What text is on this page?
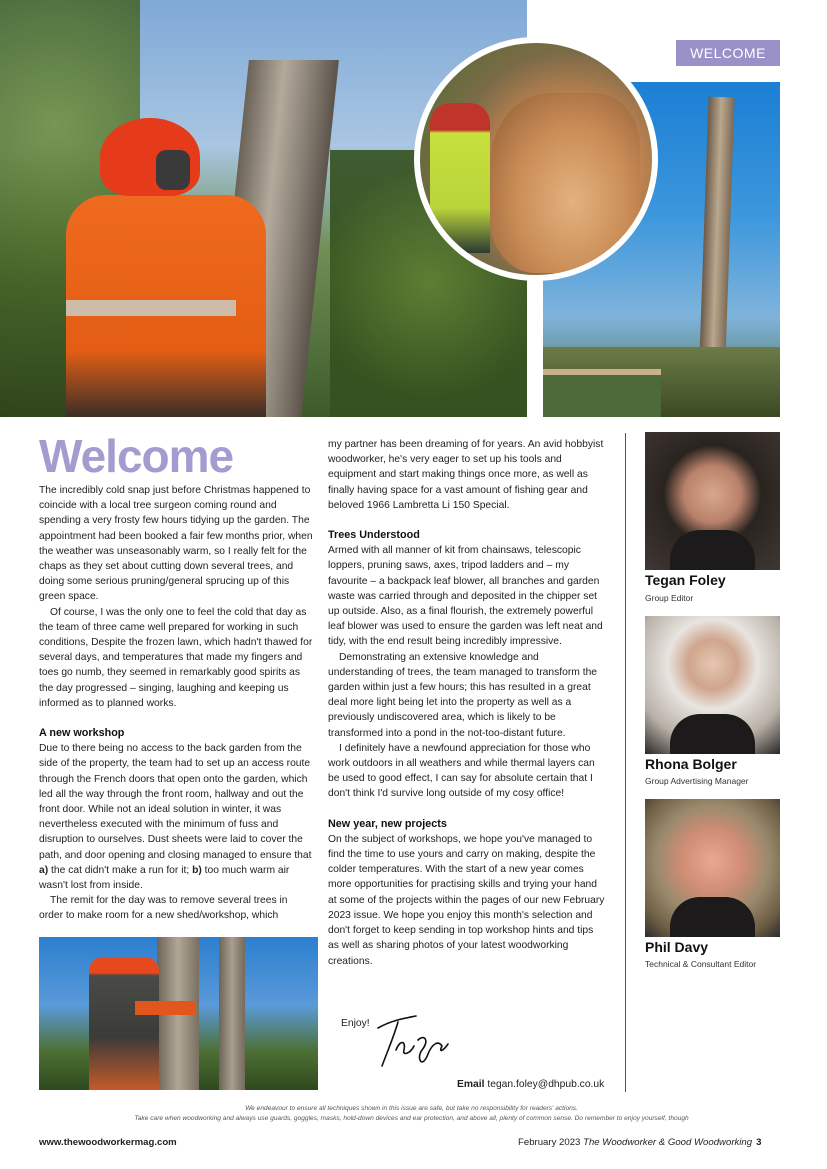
WELCOME
Welcome

The incredibly cold snap just before Christmas happened to coincide with a local tree surgeon coming round and spending a very frosty few hours tidying up the garden. The appointment had been booked a fair few months prior, when the weather was unseasonably warm, so I really felt for the chaps as they set about cutting down several trees, and doing some serious pruning/general sprucing up of this green space.

Of course, I was the only one to feel the cold that day as the team of three came well prepared for working in such conditions, Despite the frozen lawn, which hadn't thawed for several days, and temperatures that made my fingers and toes go numb, they seemed in remarkably good spirits as the day progressed – singing, laughing and keeping us informed as to planned works.

A new workshop

Due to there being no access to the back garden from the side of the property, the team had to set up an access route through the French doors that open onto the garden, which led all the way through the front room, hallway and out the front door. While not an ideal solution in winter, it was nevertheless executed with the minimum of fuss and disruption to ourselves. Dust sheets were laid to cover the path, and door opening and closing managed to ensure that a) the cat didn't make a run for it; b) too much warm air wasn't lost from inside.

The remit for the day was to remove several trees in order to make room for a new shed/workshop, which

my partner has been dreaming of for years. An avid hobbyist woodworker, he's very eager to set up his tools and equipment and start making things once more, as well as finally having space for a vast amount of fishing gear and beloved 1966 Lambretta Li 150 Special.

Trees Understood

Armed with all manner of kit from chainsaws, telescopic loppers, pruning saws, axes, tripod ladders and – my favourite – a backpack leaf blower, all branches and garden waste was carried through and deposited in the chipper set up outside. Also, as a final flourish, the extremely powerful leaf blower was used to ensure the garden was left neat and tidy, with the end result being incredibly impressive.

Demonstrating an extensive knowledge and understanding of trees, the team managed to transform the garden within just a few hours; this has resulted in a great deal more light being let into the property as well as a previously undiscovered area, which is likely to be transformed into a pond in the not-too-distant future.

I definitely have a newfound appreciation for those who work outdoors in all weathers and while thermal layers can be used to good effect, I can say for absolute certain that I don't think I'd survive long outside of my cosy office!

New year, new projects

On the subject of workshops, we hope you've managed to find the time to use yours and carry on making, despite the colder temperatures. With the start of a new year comes more opportunities for practising skills and trying your hand at some of the projects within the pages of our new February 2023 issue. We hope you enjoy this month's selection and don't forget to keep sending in top workshop hints and tips as well as sharing photos of your latest woodworking creations.

Enjoy!
Email tegan.foley@dhpub.co.uk
Tegan Foley
Group Editor
Rhona Bolger
Group Advertising Manager
Phil Davy
Technical & Consultant Editor
We endeavour to ensure all techniques shown in this issue are safe, but take no responsibility for readers' actions.
Take care when woodworking and always use guards, goggles, masks, hold-down devices and ear protection, and above all, plenty of common sense. Do remember to enjoy yourself, though
www.thewoodworkermag.com	February 2023 The Woodworker & Good Woodworking 3
